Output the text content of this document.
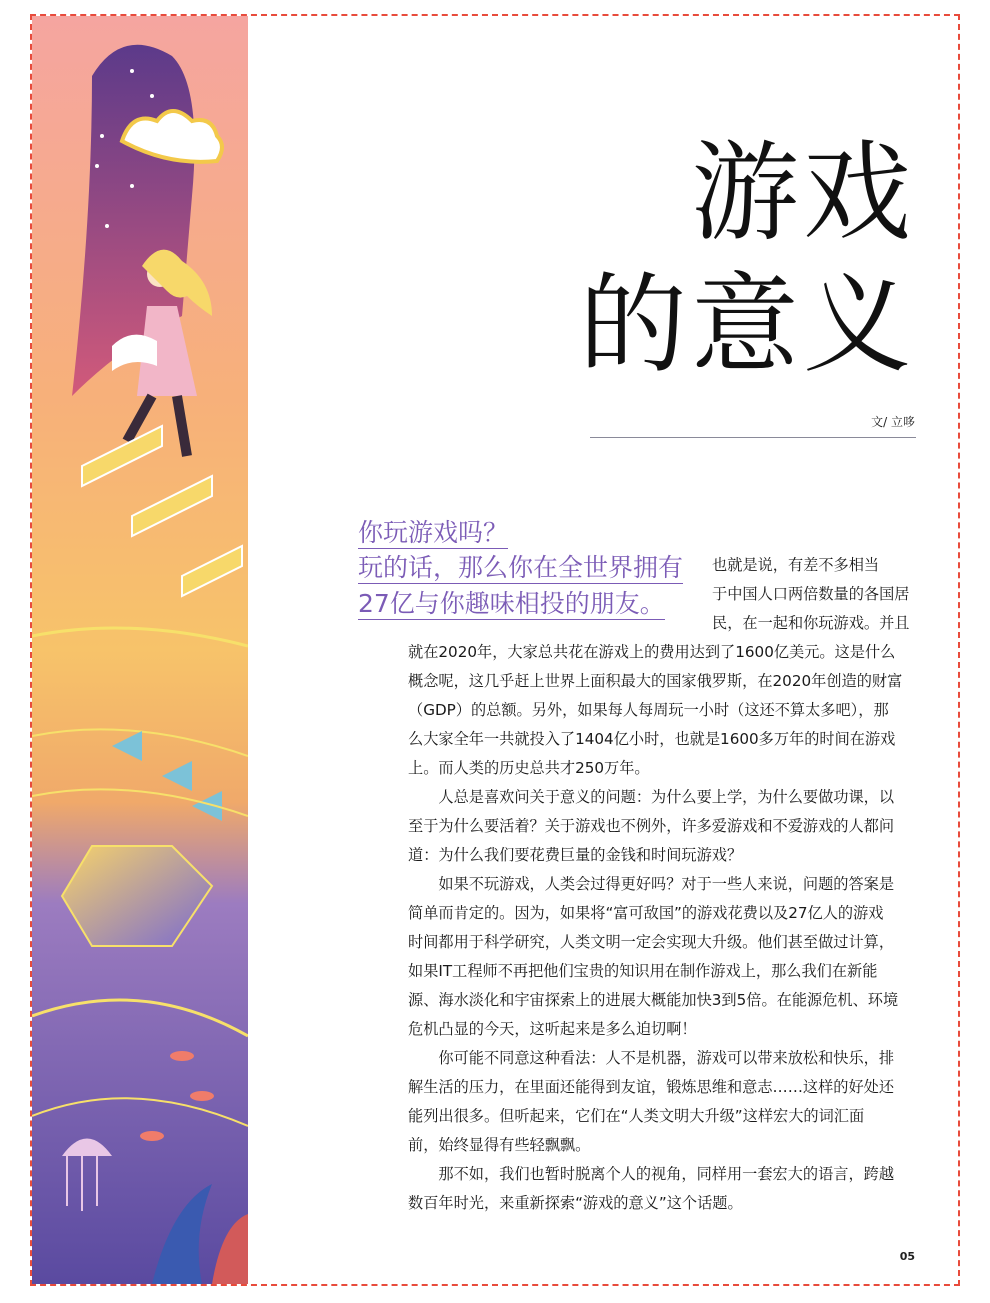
游戏
的意义
文/ 立哆
你玩游戏吗？
玩的话，那么你在全世界拥有
27亿与你趣味相投的朋友。
也就是说，有差不多相当
于中国人口两倍数量的各国居
民，在一起和你玩游戏。并且
就在2020年，大家总共花在游戏上的费用达到了1600亿美元。这是什么
概念呢，这几乎赶上世界上面积最大的国家俄罗斯，在2020年创造的财富
（GDP）的总额。另外，如果每人每周玩一小时（这还不算太多吧），那
么大家全年一共就投入了1404亿小时，也就是1600多万年的时间在游戏
上。而人类的历史总共才250万年。
　　人总是喜欢问关于意义的问题：为什么要上学，为什么要做功课，以
至于为什么要活着？关于游戏也不例外，许多爱游戏和不爱游戏的人都问
道：为什么我们要花费巨量的金钱和时间玩游戏？
　　如果不玩游戏，人类会过得更好吗？对于一些人来说，问题的答案是
简单而肯定的。因为，如果将“富可敌国”的游戏花费以及27亿人的游戏
时间都用于科学研究，人类文明一定会实现大升级。他们甚至做过计算，
如果IT工程师不再把他们宝贵的知识用在制作游戏上，那么我们在新能
源、海水淡化和宇宙探索上的进展大概能加快3到5倍。在能源危机、环境
危机凸显的今天，这听起来是多么迫切啊！
　　你可能不同意这种看法：人不是机器，游戏可以带来放松和快乐，排
解生活的压力，在里面还能得到友谊，锻炼思维和意志……这样的好处还
能列出很多。但听起来，它们在“人类文明大升级”这样宏大的词汇面
前，始终显得有些轻飘飘。
　　那不如，我们也暂时脱离个人的视角，同样用一套宏大的语言，跨越
数百年时光，来重新探索“游戏的意义”这个话题。
05
